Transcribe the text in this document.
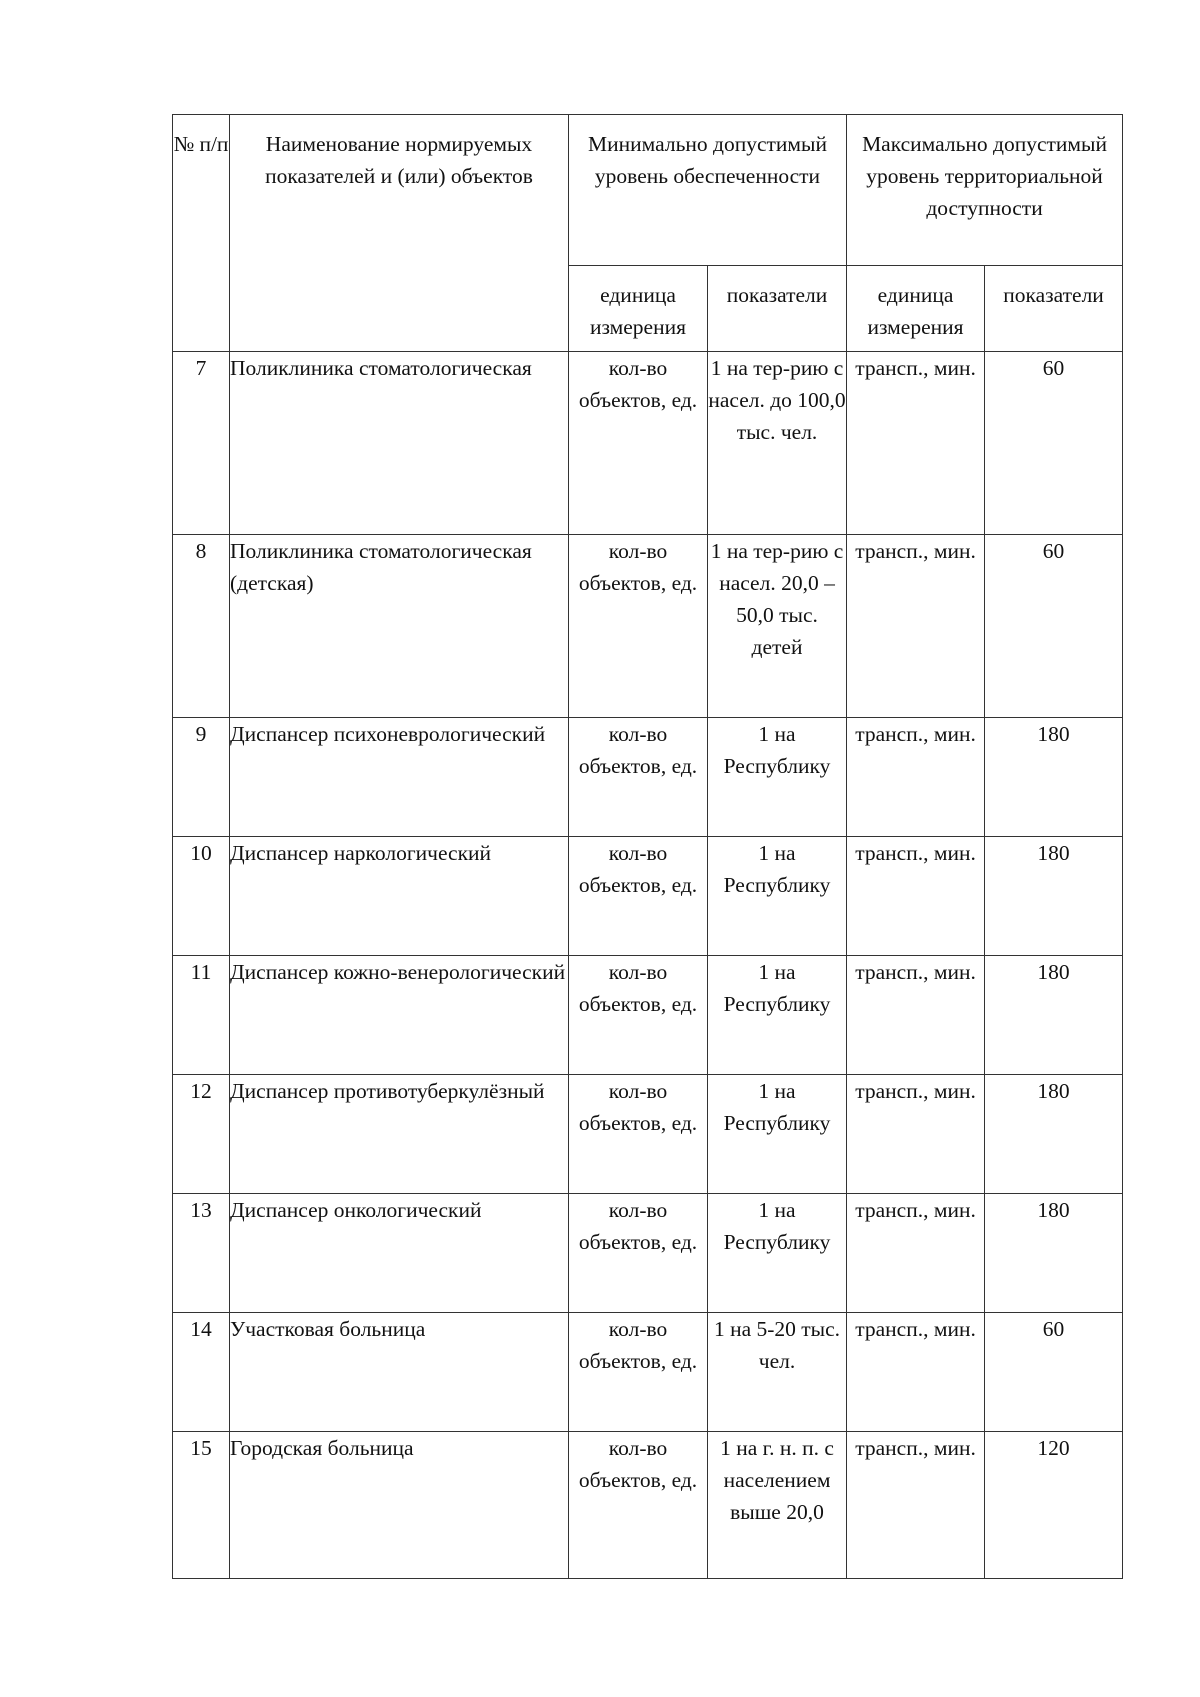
№ п/п	Наименование нормируемых показателей и (или) объектов	Минимально допустимый уровень обеспеченности		Максимально допустимый уровень территориальной доступности	

		единица измерения	показатели	единица измерения	показатели

7	Поликлиника стоматологическая	кол-во объектов, ед.	1 на тер-рию с насел. до 100,0 тыс. чел.	трансп., мин.	60
8	Поликлиника стоматологическая (детская)	кол-во объектов, ед.	1 на тер-рию с насел. 20,0 – 50,0 тыс. детей	трансп., мин.	60
9	Диспансер психоневрологический	кол-во объектов, ед.	1 на Республику	трансп., мин.	180
10	Диспансер наркологический	кол-во объектов, ед.	1 на Республику	трансп., мин.	180
11	Диспансер кожно-венерологический	кол-во объектов, ед.	1 на Республику	трансп., мин.	180
12	Диспансер противотуберкулёзный	кол-во объектов, ед.	1 на Республику	трансп., мин.	180
13	Диспансер онкологический	кол-во объектов, ед.	1 на Республику	трансп., мин.	180
14	Участковая больница	кол-во объектов, ед.	1 на 5-20 тыс. чел.	трансп., мин.	60
15	Городская больница	кол-во объектов, ед.	1 на г. н. п. с населением выше 20,0	трансп., мин.	120
